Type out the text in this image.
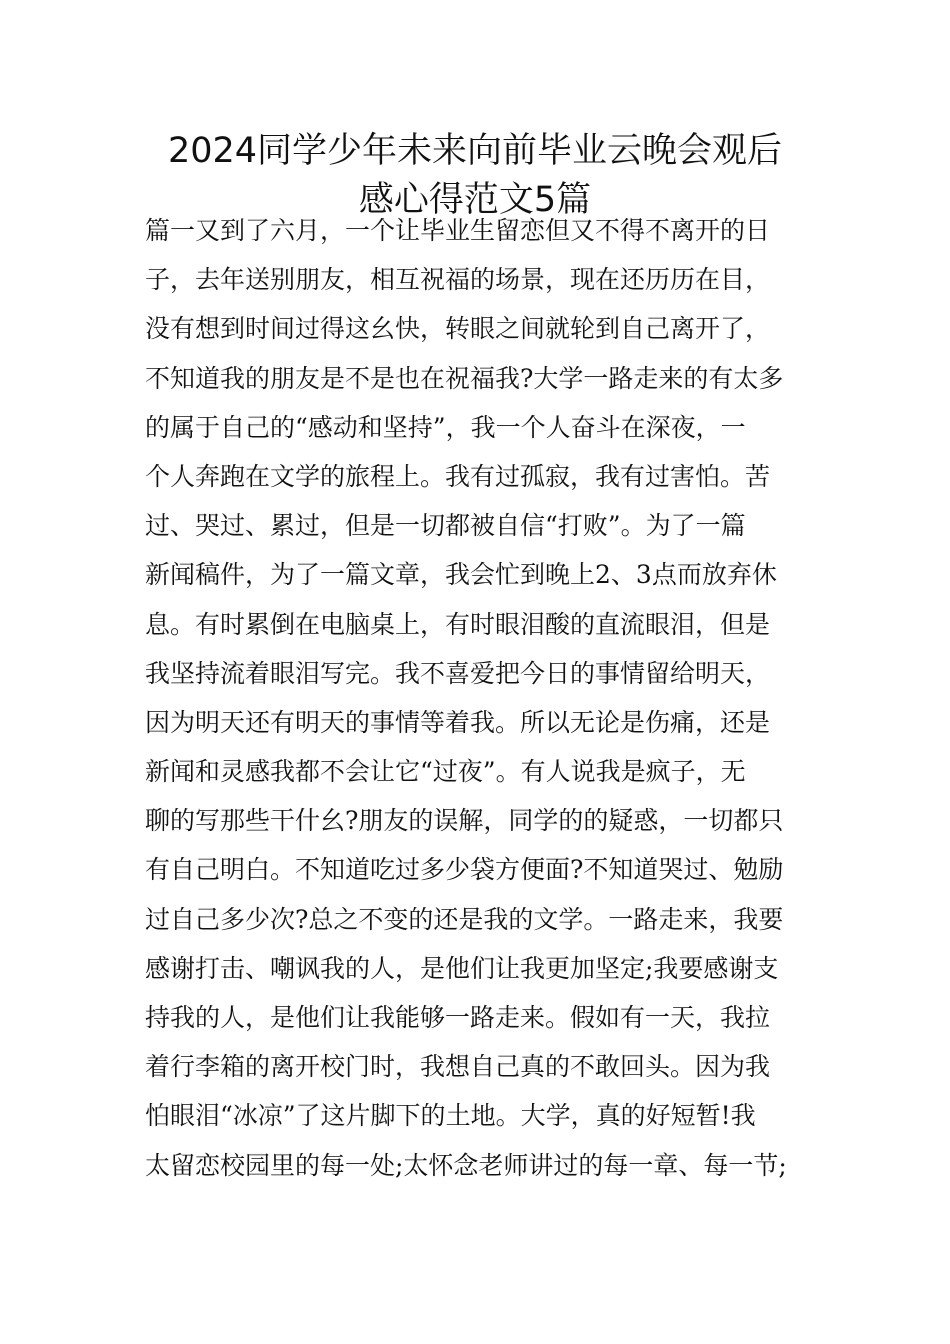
2024同学少年未来向前毕业云晚会观后
感心得范文5篇
篇一又到了六月，一个让毕业生留恋但又不得不离开的日
子，去年送别朋友，相互祝福的场景，现在还历历在目，
没有想到时间过得这幺快，转眼之间就轮到自己离开了，
不知道我的朋友是不是也在祝福我?大学一路走来的有太多
的属于自己的“感动和坚持”，我一个人奋斗在深夜，一
个人奔跑在文学的旅程上。我有过孤寂，我有过害怕。苦
过、哭过、累过，但是一切都被自信“打败”。为了一篇
新闻稿件，为了一篇文章，我会忙到晚上2、3点而放弃休
息。有时累倒在电脑桌上，有时眼泪酸的直流眼泪，但是
我坚持流着眼泪写完。我不喜爱把今日的事情留给明天，
因为明天还有明天的事情等着我。所以无论是伤痛，还是
新闻和灵感我都不会让它“过夜”。有人说我是疯子，无
聊的写那些干什幺?朋友的误解，同学的的疑惑，一切都只
有自己明白。不知道吃过多少袋方便面?不知道哭过、勉励
过自己多少次?总之不变的还是我的文学。一路走来，我要
感谢打击、嘲讽我的人，是他们让我更加坚定;我要感谢支
持我的人，是他们让我能够一路走来。假如有一天，我拉
着行李箱的离开校门时，我想自己真的不敢回头。因为我
怕眼泪“冰凉”了这片脚下的土地。大学，真的好短暂!我
太留恋校园里的每一处;太怀念老师讲过的每一章、每一节;
